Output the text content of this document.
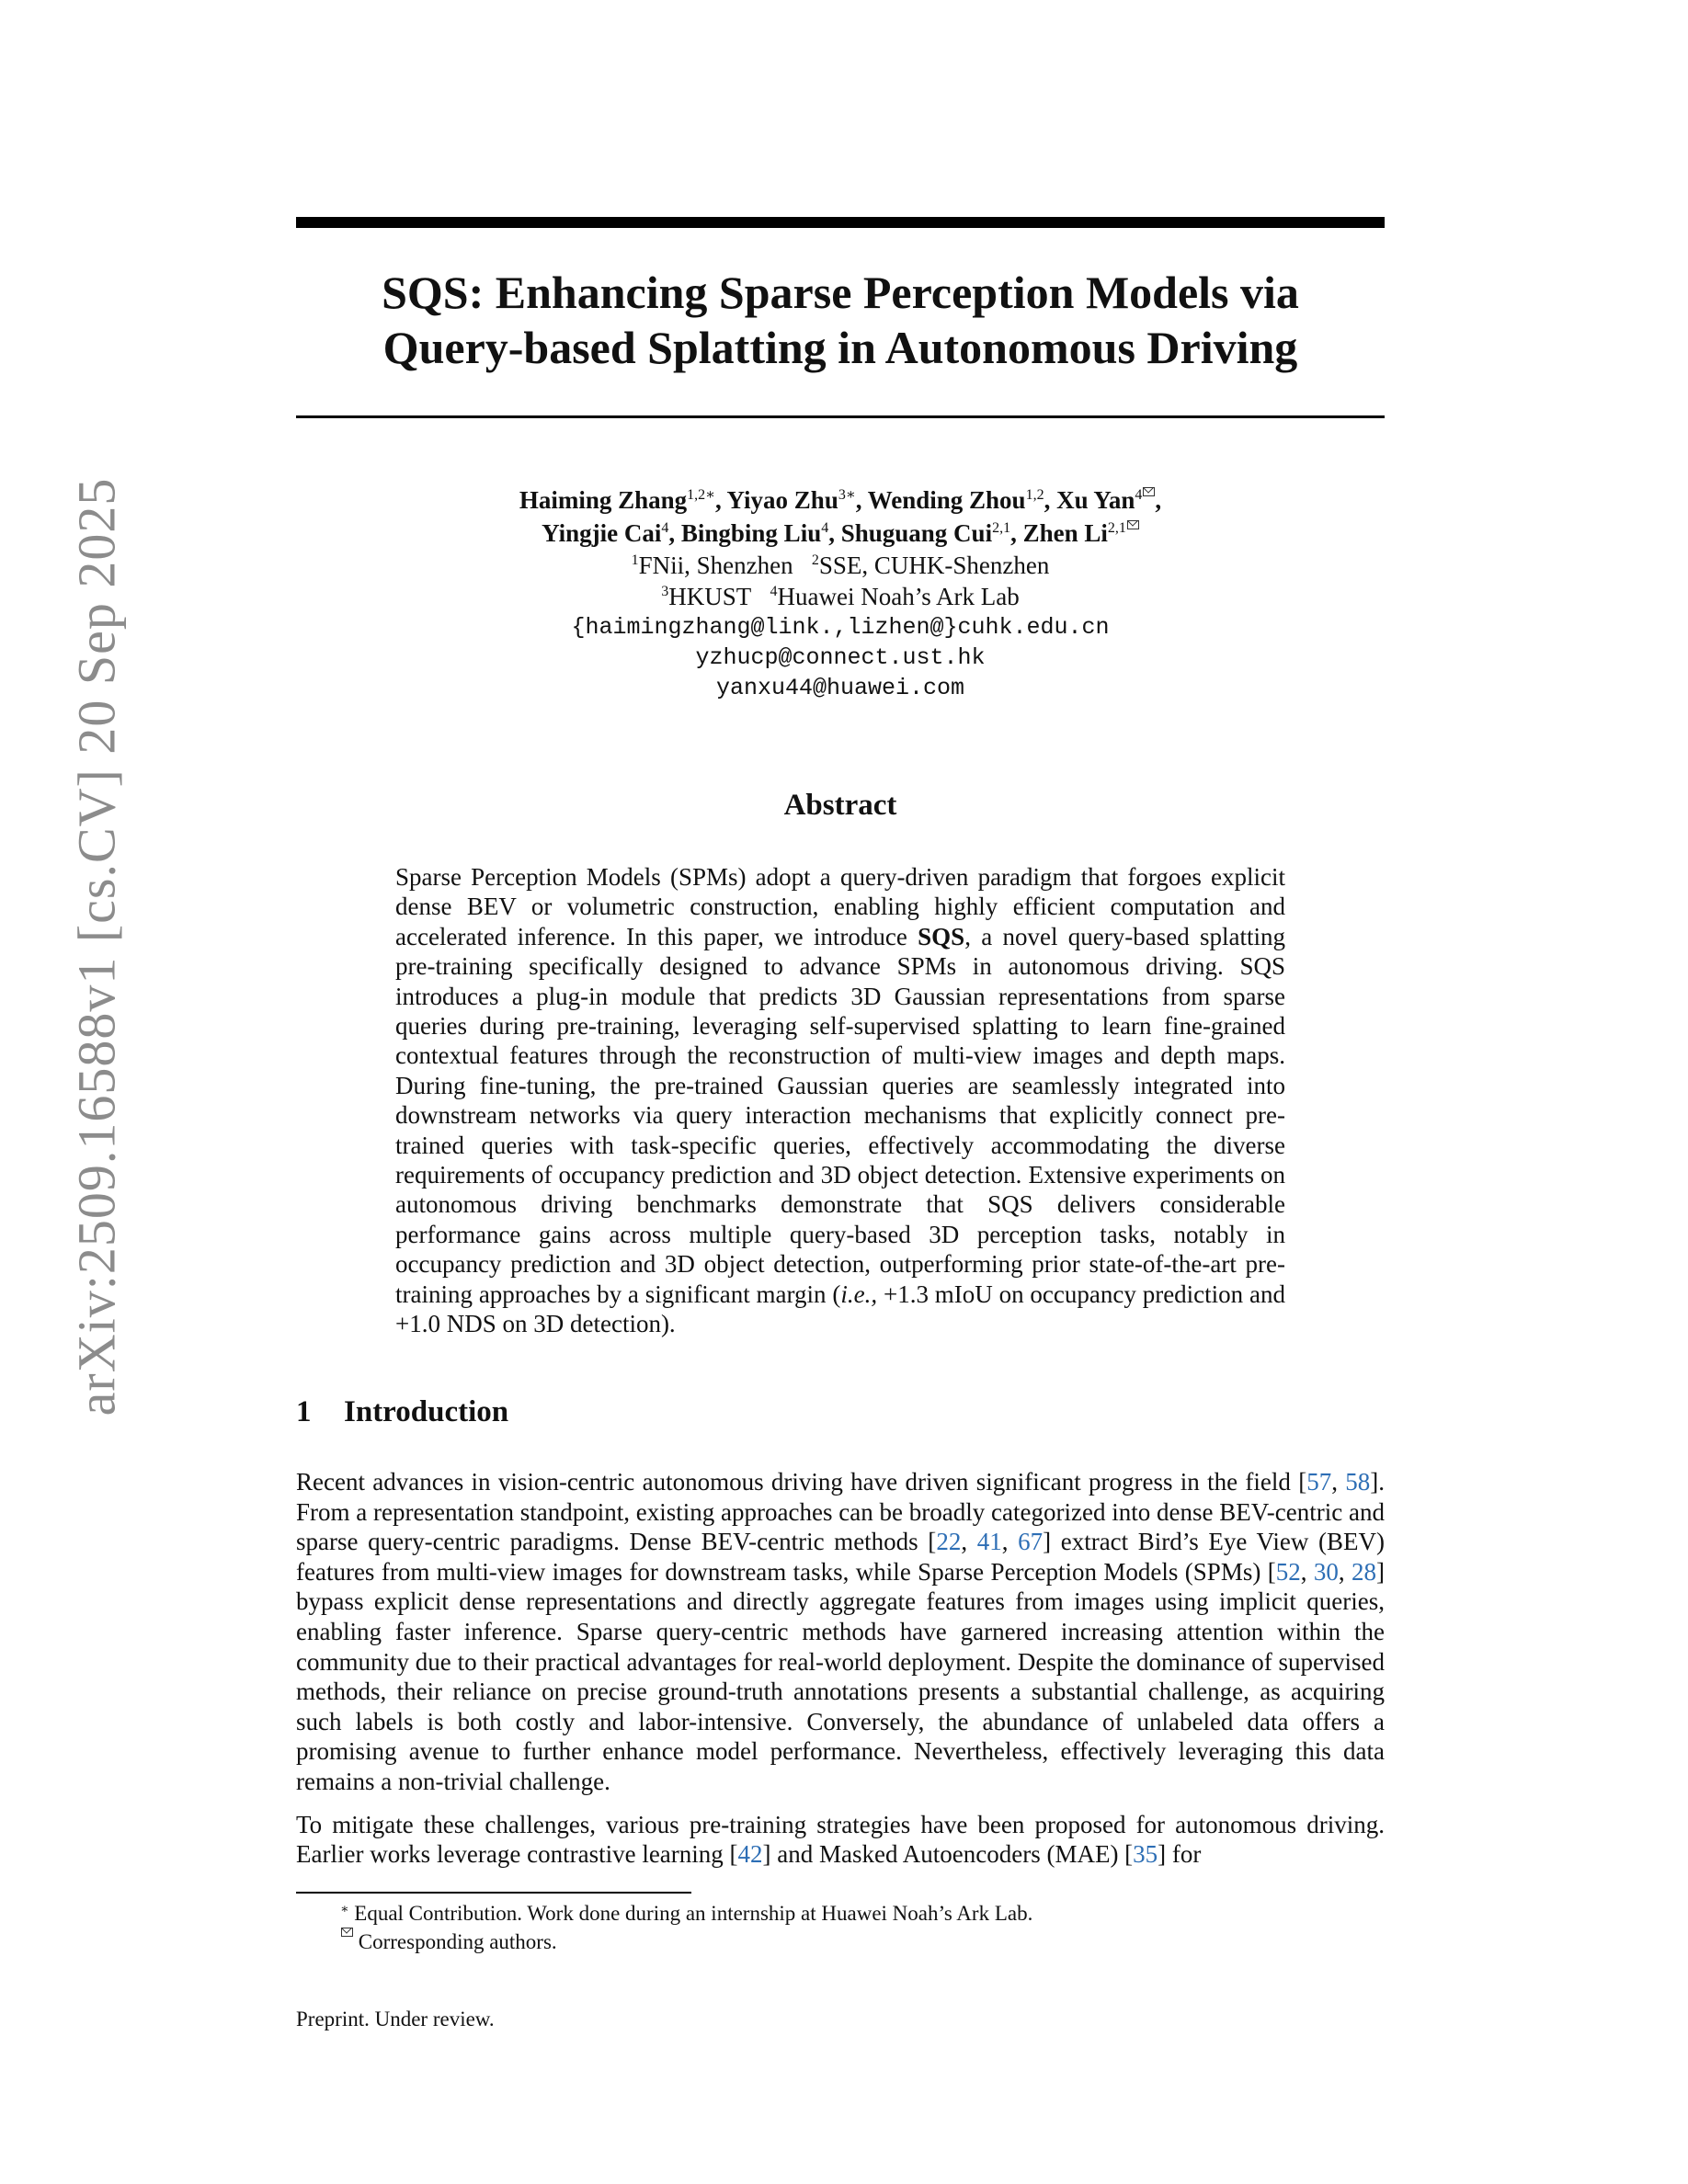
arXiv:2509.16588v1 [cs.CV] 20 Sep 2025
SQS: Enhancing Sparse Perception Models via
Query-based Splatting in Autonomous Driving
Haiming Zhang$^{1,2∗}$, Yiyao Zhu$^{3∗}$, Wending Zhou$^{1,2}$, Xu Yan$^4$ ,
Yingjie Cai$^4$, Bingbing Liu$^4$, Shuguang Cui$^{2,1}$, Zhen Li$^{2,1}$
$^1$FNii, Shenzhen $^2$SSE, CUHK-Shenzhen
$^3$HKUST $^4$Huawei Noah’s Ark Lab
{haimingzhang@link.,lizhen@}cuhk.edu.cn
yzhucp@connect.ust.hk
yanxu44@huawei.com
Abstract

Sparse Perception Models (SPMs) adopt a query-driven paradigm that forgoes explicit dense BEV or volumetric construction, enabling highly efficient computation and accelerated inference. In this paper, we introduce SQS, a novel query-based splatting pre-training specifically designed to advance SPMs in autonomous driving. SQS introduces a plug-in module that predicts 3D Gaussian representations from sparse queries during pre-training, leveraging self-supervised splatting to learn fine-grained contextual features through the reconstruction of multi-view images and depth maps. During fine-tuning, the pre-trained Gaussian queries are seamlessly integrated into downstream networks via query interaction mechanisms that explicitly connect pre-trained queries with task-specific queries, effectively accommodating the diverse requirements of occupancy prediction and 3D object detection. Extensive experiments on autonomous driving benchmarks demonstrate that SQS delivers considerable performance gains across multiple query-based 3D perception tasks, notably in occupancy prediction and 3D object detection, outperforming prior state-of-the-art pre-training approaches by a significant margin (i.e., +1.3 mIoU on occupancy prediction and +1.0 NDS on 3D detection).

1 Introduction

Recent advances in vision-centric autonomous driving have driven significant progress in the field [57, 58]. From a representation standpoint, existing approaches can be broadly categorized into dense BEV-centric and sparse query-centric paradigms. Dense BEV-centric methods [22, 41, 67] extract Bird’s Eye View (BEV) features from multi-view images for downstream tasks, while Sparse Perception Models (SPMs) [52, 30, 28] bypass explicit dense representations and directly aggregate features from images using implicit queries, enabling faster inference. Sparse query-centric methods have garnered increasing attention within the community due to their practical advantages for real-world deployment. Despite the dominance of supervised methods, their reliance on precise ground-truth annotations presents a substantial challenge, as acquiring such labels is both costly and labor-intensive. Conversely, the abundance of unlabeled data offers a promising avenue to further enhance model performance. Nevertheless, effectively leveraging this data remains a non-trivial challenge.

To mitigate these challenges, various pre-training strategies have been proposed for autonomous driving. Earlier works leverage contrastive learning [42] and Masked Autoencoders (MAE) [35] for

∗ Equal Contribution. Work done during an internship at Huawei Noah’s Ark Lab.
Corresponding authors.
Preprint. Under review.
